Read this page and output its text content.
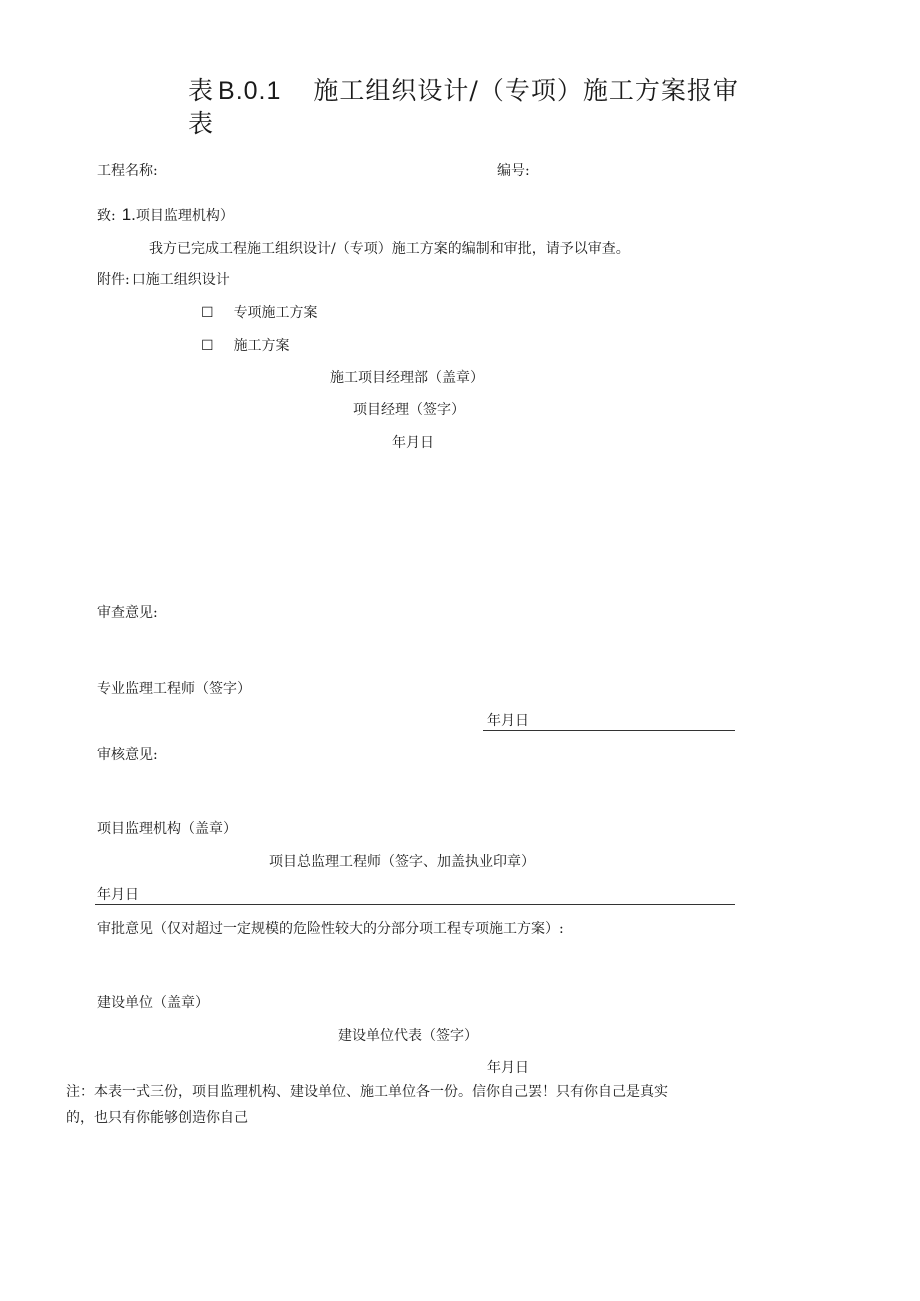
表 B.0.1 施工组织设计/（专项）施工方案报审
表
工程名称:	编号:
致: 1.项目监理机构）
我方已完成工程施工组织设计/（专项）施工方案的编制和审批，请予以审查。
附件: 口施工组织设计
☐ 专项施工方案
☐ 施工方案
施工项目经理部（盖章）
项目经理（签字）
年月日
审查意见:
专业监理工程师（签字）
年月日
审核意见:
项目监理机构（盖章）
项目总监理工程师（签字、加盖执业印章）
年月日
审批意见（仅对超过一定规模的危险性较大的分部分项工程专项施工方案）:
建设单位（盖章）
建设单位代表（签字）
年月日
注：本表一式三份，项目监理机构、建设单位、施工单位各一份。信你自己罢！只有你自己是真实
的，也只有你能够创造你自己
